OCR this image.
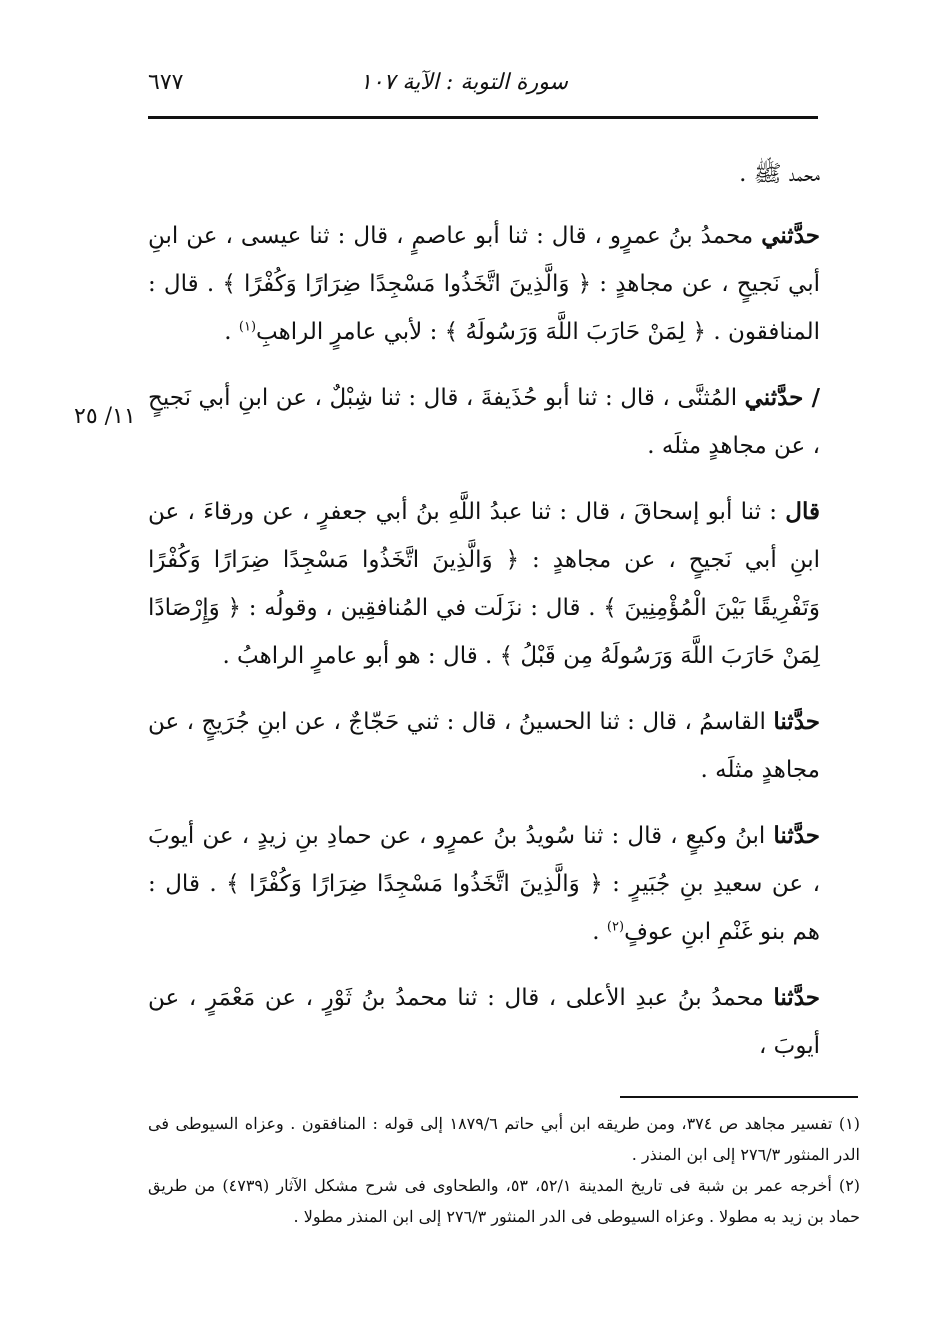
سورة التوبة : الآية ١٠٧
٦٧٧
١١/ ٢٥

محمد ﷺ .

حدَّثني محمدُ بنُ عمرٍو ، قال : ثنا أبو عاصمٍ ، قال : ثنا عيسى ، عن ابنِ أبي نَجيحٍ ، عن مجاهدٍ : ﴿ وَالَّذِينَ اتَّخَذُوا مَسْجِدًا ضِرَارًا وَكُفْرًا ﴾ . قال : المنافقون . ﴿ لِمَنْ حَارَبَ اللَّهَ وَرَسُولَهُ ﴾ : لأبي عامرٍ الراهبِ$^{(١)}$ .

/ حدَّثني المُثنَّى ، قال : ثنا أبو حُذَيفةَ ، قال : ثنا شِبْلٌ ، عن ابنِ أبي نَجيحٍ ، عن مجاهدٍ مثلَه .

قال : ثنا أبو إسحاقَ ، قال : ثنا عبدُ اللَّهِ بنُ أبي جعفرٍ ، عن ورقاءَ ، عن ابنِ أبي نَجيحٍ ، عن مجاهدٍ : ﴿ وَالَّذِينَ اتَّخَذُوا مَسْجِدًا ضِرَارًا وَكُفْرًا وَتَفْرِيقًا بَيْنَ الْمُؤْمِنِينَ ﴾ . قال : نزَلَت في المُنافقِين ، وقولُه : ﴿ وَإِرْصَادًا لِمَنْ حَارَبَ اللَّهَ وَرَسُولَهُ مِن قَبْلُ ﴾ . قال : هو أبو عامرٍ الراهبُ .

حدَّثنا القاسمُ ، قال : ثنا الحسينُ ، قال : ثني حَجّاجٌ ، عن ابنِ جُرَيجٍ ، عن مجاهدٍ مثلَه .

حدَّثنا ابنُ وكيعٍ ، قال : ثنا سُويدُ بنُ عمرٍو ، عن حمادِ بنِ زيدٍ ، عن أيوبَ ، عن سعيدِ بنِ جُبَيرٍ : ﴿ وَالَّذِينَ اتَّخَذُوا مَسْجِدًا ضِرَارًا وَكُفْرًا ﴾ . قال : هم بنو غَنْمِ ابنِ عوفٍ$^{(٢)}$ .

حدَّثنا محمدُ بنُ عبدِ الأعلى ، قال : ثنا محمدُ بنُ ثَوْرٍ ، عن مَعْمَرٍ ، عن أيوبَ ،

(١) تفسير مجاهد ص ٣٧٤، ومن طريقه ابن أبي حاتم ١٨٧٩/٦ إلى قوله : المنافقون . وعزاه السيوطى فى الدر المنثور ٢٧٦/٣ إلى ابن المنذر .

(٢) أخرجه عمر بن شبة فى تاريخ المدينة ٥٢/١، ٥٣، والطحاوى فى شرح مشكل الآثار (٤٧٣٩) من طريق حماد بن زيد به مطولا . وعزاه السيوطى فى الدر المنثور ٢٧٦/٣ إلى ابن المنذر مطولا .
